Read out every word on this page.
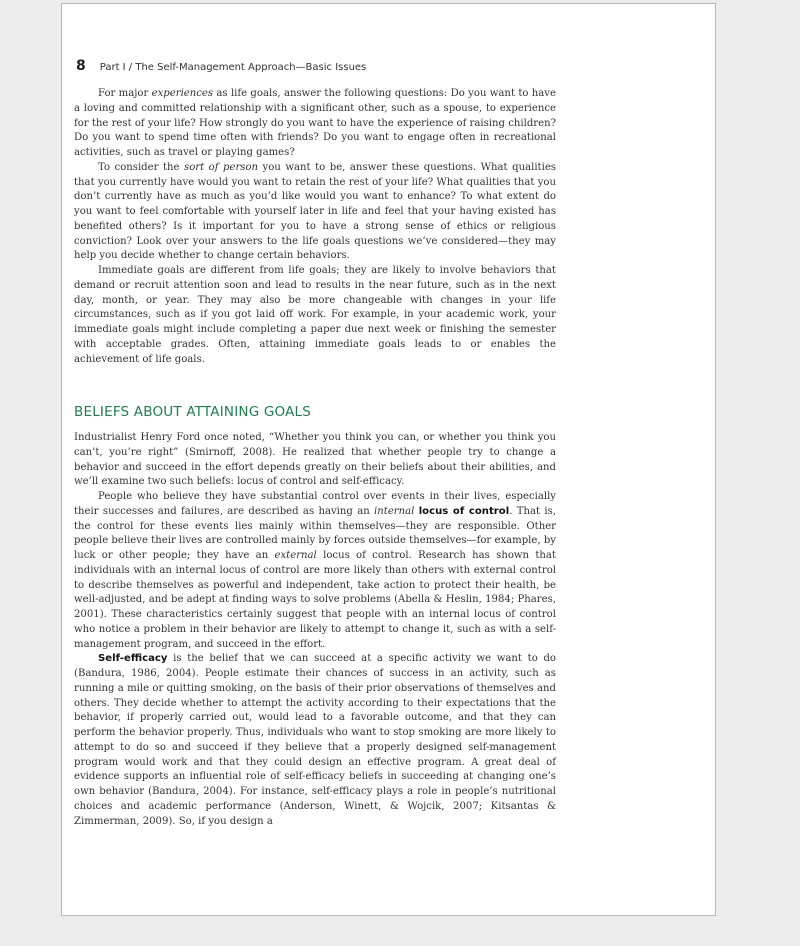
8 Part I / The Self-Management Approach—Basic Issues

For major experiences as life goals, answer the following questions: Do you want to have a loving and committed relationship with a significant other, such as a spouse, to experience for the rest of your life? How strongly do you want to have the experience of raising children? Do you want to spend time often with friends? Do you want to engage often in recreational activities, such as travel or playing games?

To consider the sort of person you want to be, answer these questions. What qualities that you currently have would you want to retain the rest of your life? What qualities that you don’t currently have as much as you’d like would you want to enhance? To what extent do you want to feel comfortable with yourself later in life and feel that your having existed has benefited others? Is it important for you to have a strong sense of ethics or religious conviction? Look over your answers to the life goals questions we’ve considered—they may help you decide whether to change certain behaviors.

Immediate goals are different from life goals; they are likely to involve behaviors that demand or recruit attention soon and lead to results in the near future, such as in the next day, month, or year. They may also be more changeable with changes in your life circumstances, such as if you got laid off work. For example, in your academic work, your immediate goals might include completing a paper due next week or finishing the semester with acceptable grades. Often, attaining immediate goals leads to or enables the achievement of life goals.

BELIEFS ABOUT ATTAINING GOALS

Industrialist Henry Ford once noted, “Whether you think you can, or whether you think you can’t, you’re right” (Smirnoff, 2008). He realized that whether people try to change a behavior and succeed in the effort depends greatly on their beliefs about their abilities, and we’ll examine two such beliefs: locus of control and self-efficacy.

People who believe they have substantial control over events in their lives, especially their successes and failures, are described as having an internal locus of control. That is, the control for these events lies mainly within themselves—they are responsible. Other people believe their lives are controlled mainly by forces outside themselves—for example, by luck or other people; they have an external locus of control. Research has shown that individuals with an internal locus of control are more likely than others with external control to describe themselves as powerful and independent, take action to protect their health, be well-adjusted, and be adept at finding ways to solve problems (Abella & Heslin, 1984; Phares, 2001). These characteristics certainly suggest that people with an internal locus of control who notice a problem in their behavior are likely to attempt to change it, such as with a self-management program, and succeed in the effort.

Self-efficacy is the belief that we can succeed at a specific activity we want to do (Bandura, 1986, 2004). People estimate their chances of success in an activity, such as running a mile or quitting smoking, on the basis of their prior observations of themselves and others. They decide whether to attempt the activity according to their expectations that the behavior, if properly carried out, would lead to a favorable outcome, and that they can perform the behavior properly. Thus, individuals who want to stop smoking are more likely to attempt to do so and succeed if they believe that a properly designed self-management program would work and that they could design an effective program. A great deal of evidence supports an influential role of self-efficacy beliefs in succeeding at changing one’s own behavior (Bandura, 2004). For instance, self-efficacy plays a role in people’s nutritional choices and academic performance (Anderson, Winett, & Wojcik, 2007; Kitsantas & Zimmerman, 2009). So, if you design a
